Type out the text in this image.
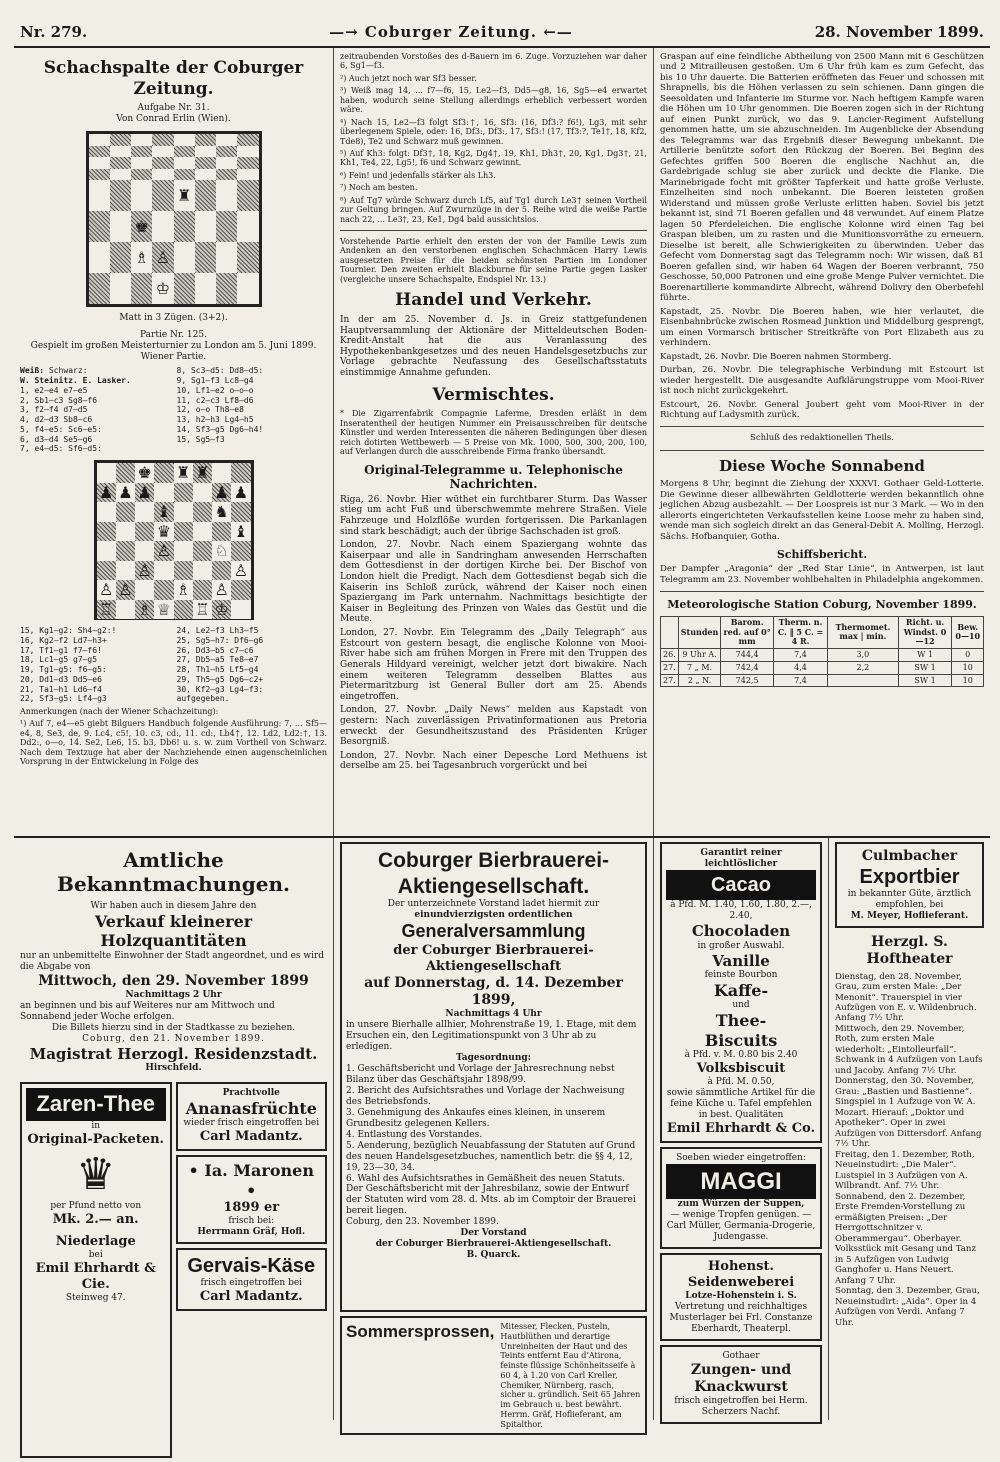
Nr. 279.	—→ Coburger Zeitung. ←—	28. November 1899.
Schachspalte der Coburger Zeitung.
Aufgabe Nr. 31.
Von Conrad Erlin (Wien).
♜
♚
♗ ♙
♔
Matt in 3 Zügen. (3+2).
Partie Nr. 125.
Gespielt im großen Meisterturnier zu London am 5. Juni 1899.
Wiener Partie.
Weiß: Schwarz:
W. Steinitz. E. Lasker.
1, e2—e4 e7—e5
2, Sb1—c3 Sg8—f6
3, f2—f4 d7—d5
4, d2—d3 Sb8—c6
5, f4—e5: Sc6—e5:
6, d3—d4 Se5—g6
7, e4—d5: Sf6—d5:
8, Sc3—d5: Dd8—d5:
9, Sg1—f3 Lc8—g4
10, Lf1—e2 o—o—o
11, c2—c3 Lf8—d6
12, o—o Th8—e8
13, h2—h3 Lg4—h5
14, Sf3—g5 Dg6—h4!
15, Sg5—f3
♚ ♜ ♜
♟ ♟ ♟	♟ ♟
♝	♞
♛	♝
♙	♘
♙	♙
♙ ♙	♗ ♙
♖ ♗ ♕ ♖ ♔
15, Kg1—g2: Sh4—g2:!
16, Kg2—f2 Ld7—h3+
17, Tf1—g1 f7—f6!
18, Lc1—g5 g7—g5
19, Tg1—g5: f6—g5:
20, Dd1—d3 Dd5—e6
21, Ta1—h1 Ld6—f4
22, Sf3—g5: Lf4—g3
24, Le2—f3 Lh3—f5
25, Sg5—h7: Df6—g6
26, Dd3—b5 c7—c6
27, Db5—a5 Te8—e7
28, Th1—h5 Lf5—g4
29, Th5—g5 Dg6—c2+
30, Kf2—g3 Lg4—f3:
aufgegeben.

Anmerkungen (nach der Wiener Schachzeitung):

¹) Auf 7, e4—e5 giebt Bilguers Handbuch folgende Ausführung: 7, ... Sf5—e4, 8, Se3, de, 9. Lc4, c5!, 10. c3, cd:, 11. cd:, Lb4†, 12. Ld2, Ld2:†, 13. Dd2:, o—o, 14. Se2, Le6, 15. b3, Db6! u. s. w. zum Vortheil von Schwarz. Nach dem Textzuge hat aber der Nachziehende einen augenscheinlichen Vorsprung in der Entwickelung in Folge des

zeitraubenden Vorstoßes des d-Bauern im 6. Zuge. Vorzuziehen war daher 6, Sg1—f3.

²) Auch jetzt noch war Sf3 besser.

³) Weiß mag 14, ... f7—f6, 15, Le2—f3, Dd5—g8, 16, Sg5—e4 erwartet haben, wodurch seine Stellung allerdings erheblich verbessert worden wäre.

⁴) Nach 15, Le2—f3 folgt Sf3:†, 16, Sf3: (16, Df3:? f6!), Lg3, mit sehr überlegenem Spiele, oder: 16, Df3:, Df3:, 17, Sf3:! (17, Tf3:?, Te1†, 18, Kf2, Tde8), Te2 und Schwarz muß gewinnen.

⁵) Auf Kh3: folgt: Df3†, 18, Kg2, Dg4†, 19, Kh1, Dh3†, 20, Kg1, Dg3†, 21, Kh1, Te4, 22, Lg5!, f6 und Schwarz gewinnt.

⁶) Fein! und jedenfalls stärker als Lh3.

⁷) Noch am besten.

⁸) Auf Tg7 würde Schwarz durch Lf5, auf Tg1 durch Le3† seinen Vortheil zur Geltung bringen. Auf Zwurnzüge in der 5. Reihe wird die weiße Partie nach 22, ... Le3†, 23, Ke1, Dg4 bald aussichtslos.

Vorstehende Partie erhielt den ersten der von der Familie Lewis zum Andenken an den verstorbenen englischen Schachmäcen Harry Lewis ausgesetzten Preise für die beiden schönsten Partien im Londoner Tournier. Den zweiten erhielt Blackburne für seine Partie gegen Lasker (vergleiche unsere Schachspalte, Endspiel Nr. 13.)

Handel und Verkehr.

In der am 25. November d. Js. in Greiz stattgefundenen Hauptversammlung der Aktionäre der Mitteldeutschen Boden-Kredit-Anstalt hat die aus Veranlassung des Hypothekenbankgesetzes und des neuen Handelsgesetzbuchs zur Vorlage gebrachte Neufassung des Gesellschaftsstatuts einstimmige Annahme gefunden.

Vermischtes.

* Die Zigarrenfabrik Compagnie Laferme, Dresden erläßt in dem Inseratentheil der heutigen Nummer ein Preisausschreiben für deutsche Künstler und werden Interessenten die näheren Bedingungen über diesen reich dotirten Wettbewerb — 5 Preise von Mk. 1000, 500, 300, 200, 100, auf Verlangen durch die ausschreibende Firma franko übersandt.

Original-Telegramme u. Telephonische Nachrichten.

Riga, 26. Novbr. Hier wüthet ein furchtbarer Sturm. Das Wasser stieg um acht Fuß und überschwemmte mehrere Straßen. Viele Fahrzeuge und Holzflöße wurden fortgerissen. Die Parkanlagen sind stark beschädigt; auch der übrige Sachschaden ist groß.

London, 27. Novbr. Nach einem Spaziergang wohnte das Kaiserpaar und alle in Sandringham anwesenden Herrschaften dem Gottesdienst in der dortigen Kirche bei. Der Bischof von London hielt die Predigt. Nach dem Gottesdienst begab sich die Kaiserin ins Schloß zurück, während der Kaiser noch einen Spaziergang im Park unternahm. Nachmittags besichtigte der Kaiser in Begleitung des Prinzen von Wales das Gestüt und die Meute.

London, 27. Novbr. Ein Telegramm des „Daily Telegraph“ aus Estcourt von gestern besagt, die englische Kolonne von Mooi-River habe sich am frühen Morgen in Frere mit den Truppen des Generals Hildyard vereinigt, welcher jetzt dort biwakire. Nach einem weiteren Telegramm desselben Blattes aus Pietermaritzburg ist General Buller dort am 25. Abends eingetroffen.

London, 27. Novbr. „Daily News“ melden aus Kapstadt von gestern: Nach zuverlässigen Privatinformationen aus Pretoria erweckt der Gesundheitszustand des Präsidenten Krüger Besorgniß.

London, 27. Novbr. Nach einer Depesche Lord Methuens ist derselbe am 25. bei Tagesanbruch vorgerückt und bei

Graspan auf eine feindliche Abtheilung von 2500 Mann mit 6 Geschützen und 2 Mitrailleusen gestoßen. Um 6 Uhr früh kam es zum Gefecht, das bis 10 Uhr dauerte. Die Batterien eröffneten das Feuer und schossen mit Shrapnells, bis die Höhen verlassen zu sein schienen. Dann gingen die Seesoldaten und Infanterie im Sturme vor. Nach heftigem Kampfe waren die Höhen um 10 Uhr genommen. Die Boeren zogen sich in der Richtung auf einen Punkt zurück, wo das 9. Lancier-Regiment Aufstellung genommen hatte, um sie abzuschneiden. Im Augenblicke der Absendung des Telegramms war das Ergebniß dieser Bewegung unbekannt. Die Artillerie benützte sofort den Rückzug der Boeren. Bei Beginn des Gefechtes griffen 500 Boeren die englische Nachhut an, die Gardebrigade schlug sie aber zurück und deckte die Flanke. Die Marinebrigade focht mit größter Tapferkeit und hatte große Verluste. Einzelheiten sind noch unbekannt. Die Boeren leisteten großen Widerstand und müssen große Verluste erlitten haben. Soviel bis jetzt bekannt ist, sind 71 Boeren gefallen und 48 verwundet. Auf einem Platze lagen 50 Pferdeleichen. Die englische Kolonne wird einen Tag bei Graspan bleiben, um zu rasten und die Munitionsvorräthe zu erneuern. Dieselbe ist bereit, alle Schwierigkeiten zu überwinden. Ueber das Gefecht vom Donnerstag sagt das Telegramm noch: Wir wissen, daß 81 Boeren gefallen sind, wir haben 64 Wagen der Boeren verbrannt, 750 Geschosse, 50,000 Patronen und eine große Menge Pulver vernichtet. Die Boerenartillerie kommandirte Albrecht, während Dolivry den Oberbefehl führte.

Kapstadt, 25. Novbr. Die Boeren haben, wie hier verlautet, die Eisenbahnbrücke zwischen Rosmead Junktion und Middelburg gesprengt, um einen Vormarsch britischer Streitkräfte von Port Elizabeth aus zu verhindern.

Kapstadt, 26. Novbr. Die Boeren nahmen Stormberg.

Durban, 26. Novbr. Die telegraphische Verbindung mit Estcourt ist wieder hergestellt. Die ausgesandte Aufklärungstruppe vom Mooi-River ist noch nicht zurückgekehrt.

Estcourt, 26. Novbr. General Joubert geht vom Mooi-River in der Richtung auf Ladysmith zurück.

Schluß des redaktionellen Theils.
Diese Woche Sonnabend

Morgens 8 Uhr, beginnt die Ziehung der XXXVI. Gothaer Geld-Lotterie. Die Gewinne dieser allbewährten Geldlotterie werden bekanntlich ohne jeglichen Abzug ausbezahlt. — Der Loospreis ist nur 3 Mark. — Wo in den allerorts eingerichteten Verkaufsstellen keine Loose mehr zu haben sind, wende man sich sogleich direkt an das General-Debit A. Molling, Herzogl. Sächs. Hofbanquier, Gotha.

Schiffsbericht.

Der Dampfer „Aragonia“ der „Red Star Linie“, in Antwerpen, ist laut Telegramm am 23. November wohlbehalten in Philadelphia angekommen.

Meteorologische Station Coburg, November 1899.
	Stunden	Barom. red. auf 0° mm	Therm. n. C. ‖ 5 C. = 4 R.	Thermomet. max | min.	Richt. u. Windst. 0—12	Bew. 0—10
26.	9 Uhr A.	744,4	7,4	3,0	W 1	0
27.	7 „ M.	742,4	4,4	2,2	SW 1	10
27.	2 „ N.	742,5	7,4		SW 1	10
Amtliche Bekanntmachungen.
Wir haben auch in diesem Jahre den
Verkauf kleinerer Holzquantitäten

nur an unbemittelte Einwohner der Stadt angeordnet, und es wird die Abgabe von

Mittwoch, den 29. November 1899
Nachmittags 2 Uhr

an beginnen und bis auf Weiteres nur am Mittwoch und Sonnabend jeder Woche erfolgen.

Die Billets hierzu sind in der Stadtkasse zu beziehen.

Coburg, den 21. November 1899.

Magistrat Herzogl. Residenzstadt.
Hirschfeld.
Zaren-Thee
in
Original-Packeten.
♛
per Pfund netto von
Mk. 2.— an.
Niederlage
bei
Emil Ehrhardt & Cie.
Steinweg 47.
Prachtvolle
Ananasfrüchte
wieder frisch eingetroffen bei
Carl Madantz.
• Ia. Maronen •
1899 er
frisch bei:
Herrmann Gräf, Hofl.
Gervais-Käse
frisch eingetroffen bei
Carl Madantz.
Coburger Bierbrauerei-
Aktiengesellschaft.
Der unterzeichnete Vorstand ladet hiermit zur
einundvierzigsten ordentlichen
Generalversammlung
der Coburger Bierbrauerei-Aktiengesellschaft
auf Donnerstag, d. 14. Dezember 1899,
Nachmittags 4 Uhr

in unsere Bierhalle allhier, Mohrenstraße 19, 1. Etage, mit dem Ersuchen ein, den Legitimationspunkt von 3 Uhr ab zu erledigen.

Tagesordnung:

1. Geschäftsbericht und Vorlage der Jahresrechnung nebst Bilanz über das Geschäftsjahr 1898/99.

2. Bericht des Aufsichtsrathes und Vorlage der Nachweisung des Betriebsfonds.

3. Genehmigung des Ankaufes eines kleinen, in unserem Grundbesitz gelegenen Kellers.

4. Entlastung des Vorstandes.

5. Aenderung, bezüglich Neuabfassung der Statuten auf Grund des neuen Handelsgesetzbuches, namentlich betr. die §§ 4, 12, 19, 23—30, 34.

6. Wahl des Aufsichtsrathes in Gemäßheit des neuen Statuts.

Der Geschäftsbericht mit der Jahresbilanz, sowie der Entwurf der Statuten wird vom 28. d. Mts. ab im Comptoir der Brauerei bereit liegen.

Coburg, den 23. November 1899.
Der Vorstand
der Coburger Bierbrauerei-Aktiengesellschaft.
B. Quarck.
Sommersprossen, Mitesser, Flecken, Pusteln, Hautblüthen und derartige Unreinheiten der Haut und des Teints entfernt Eau d’Atirona, feinste flüssige Schönheitsseife à 60 4, à 1.20 von Carl Kreller, Chemiker, Nürnberg, rasch, sicher u. gründlich. Seit 65 Jahren im Gebrauch u. best bewährt. Herrm. Gräf, Hoflieferant, am Spitalthor.
Garantirt reiner
leichtlöslicher
Cacao
à Pfd. M. 1.40, 1.60, 1.80, 2.—, 2.40,
Chocoladen
in großer Auswahl.
Vanille
feinste Bourbon
Kaffe-
und
Thee-
Biscuits
à Pfd. v. M. 0.80 bis 2.40
Volksbiscuit
à Pfd. M. 0.50,
sowie sämmtliche Artikel für die feine Küche u. Tafel empfehlen in best. Qualitäten
Emil Ehrhardt & Co.
Soeben wieder eingetroffen:
MAGGI
zum Würzen der Suppen,
— wenige Tropfen genügen. —
Carl Müller, Germania-Drogerie, Judengasse.
Hohenst. Seidenweberei
Lotze-Hohenstein i. S.
Vertretung und reichhaltiges Musterlager bei Frl. Constanze Eberhardt, Theaterpl.
Gothaer
Zungen- und Knackwurst
frisch eingetroffen bei Herm. Scherzers Nachf.
Culmbacher
Exportbier
in bekannter Güte, ärztlich empfohlen, bei
M. Meyer, Hoflieferant.
Herzgl. S. Hoftheater

Dienstag, den 28. November, Grau, zum ersten Male: „Der Menonit“. Trauerspiel in vier Aufzügen von E. v. Wildenbruch. Anfang 7½ Uhr.

Mittwoch, den 29. November, Roth, zum ersten Male wiederholt: „Eintolleurfall“. Schwank in 4 Aufzügen von Laufs und Jacoby. Anfang 7½ Uhr.

Donnerstag, den 30. November, Grau: „Bastien und Bastienne“. Singspiel in 1 Aufzuge von W. A. Mozart. Hierauf: „Doktor und Apotheker“. Oper in zwei Aufzügen von Dittersdorf. Anfang 7½ Uhr.

Freitag, den 1. Dezember, Roth, Neueinstudirt: „Die Maler“. Lustspiel in 3 Aufzügen von A. Wilbrandt. Anf. 7½ Uhr.

Sonnabend, den 2. Dezember, Erste Fremden-Vorstellung zu ermäßigten Preisen: „Der Herrgottschnitzer v. Oberammergau“. Oberbayer. Volksstück mit Gesang und Tanz in 5 Aufzügen von Ludwig Ganghofer u. Hans Neuert. Anfang 7 Uhr.

Sonntag, den 3. Dezember, Grau, Neueinstudirt: „Aida“. Oper in 4 Aufzügen von Verdi. Anfang 7 Uhr.
